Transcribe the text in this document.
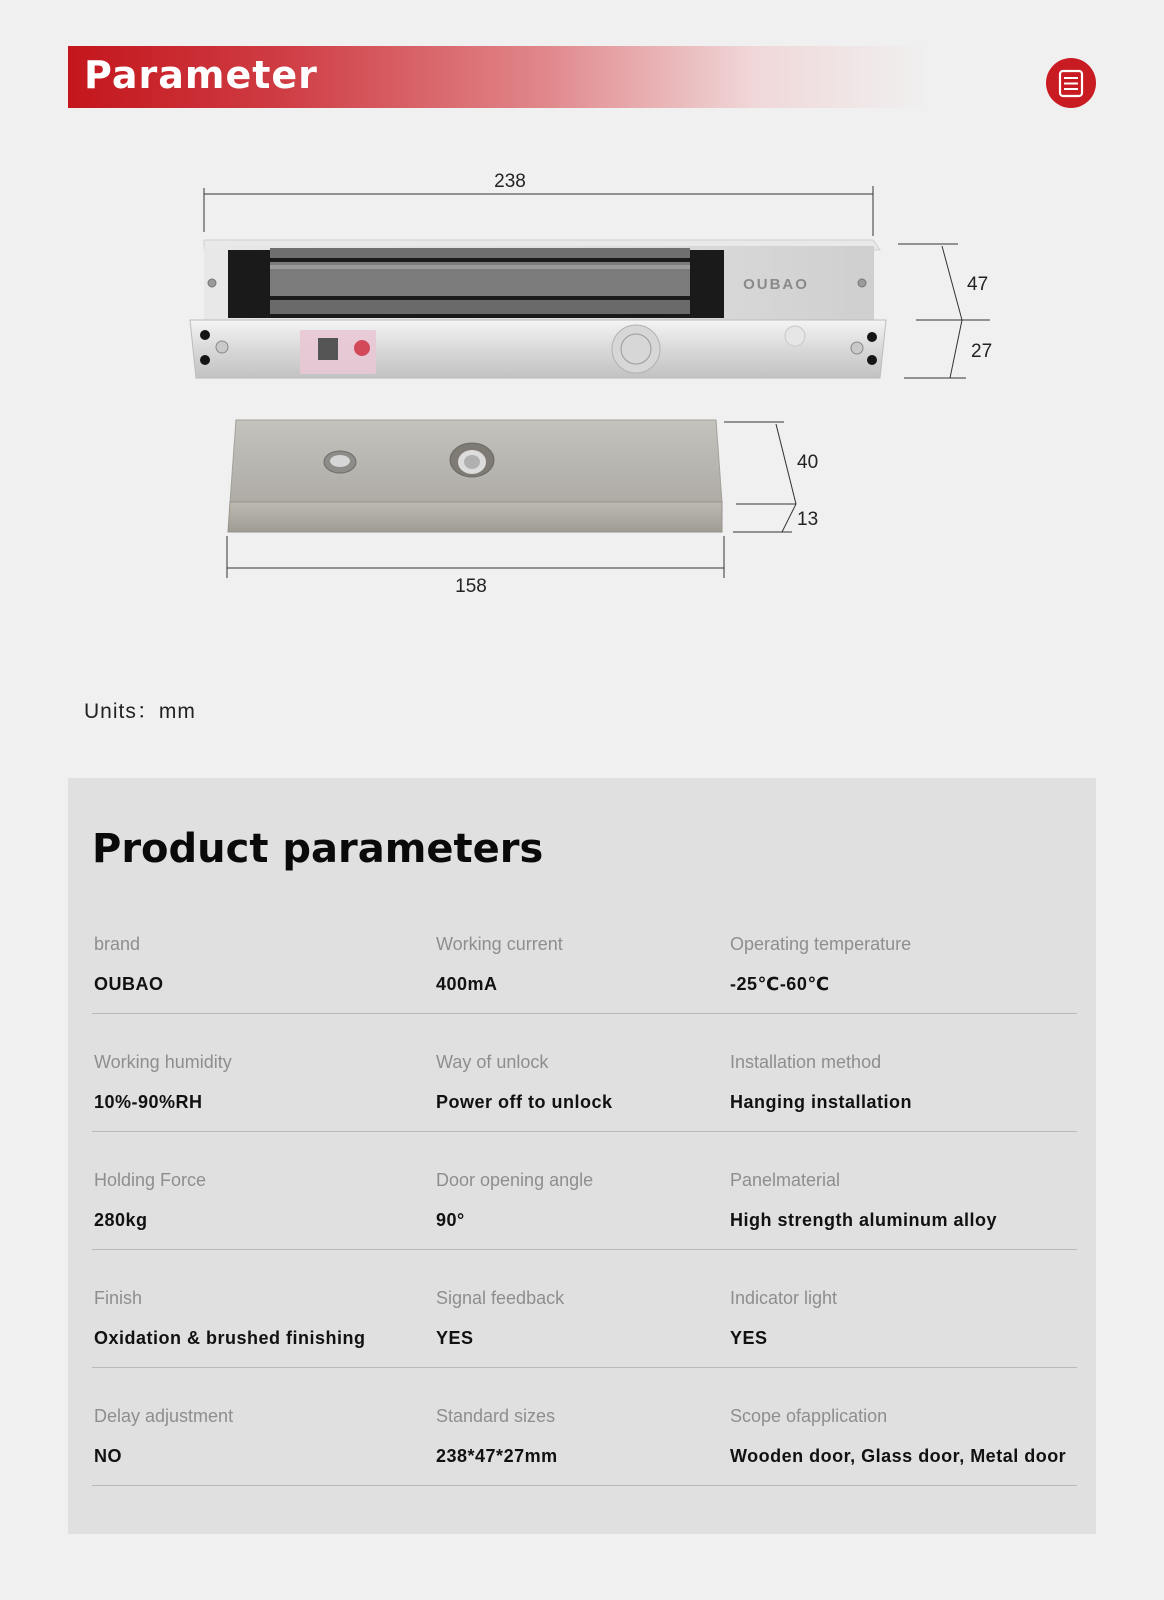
Parameter
238
OUBAO	47
27
40
13
158
Units：mm
Product parameters
brand
OUBAO
Working current
400mA
Operating temperature
-25℃-60℃
Working humidity
10%-90%RH
Way of unlock
Power off to unlock
Installation method
Hanging installation
Holding Force
280kg
Door opening angle
90°
Panelmaterial
High strength aluminum alloy
Finish
Oxidation & brushed finishing
Signal feedback
YES
Indicator light
YES
Delay adjustment
NO
Standard sizes
238*47*27mm
Scope ofapplication
Wooden door, Glass door, Metal door
